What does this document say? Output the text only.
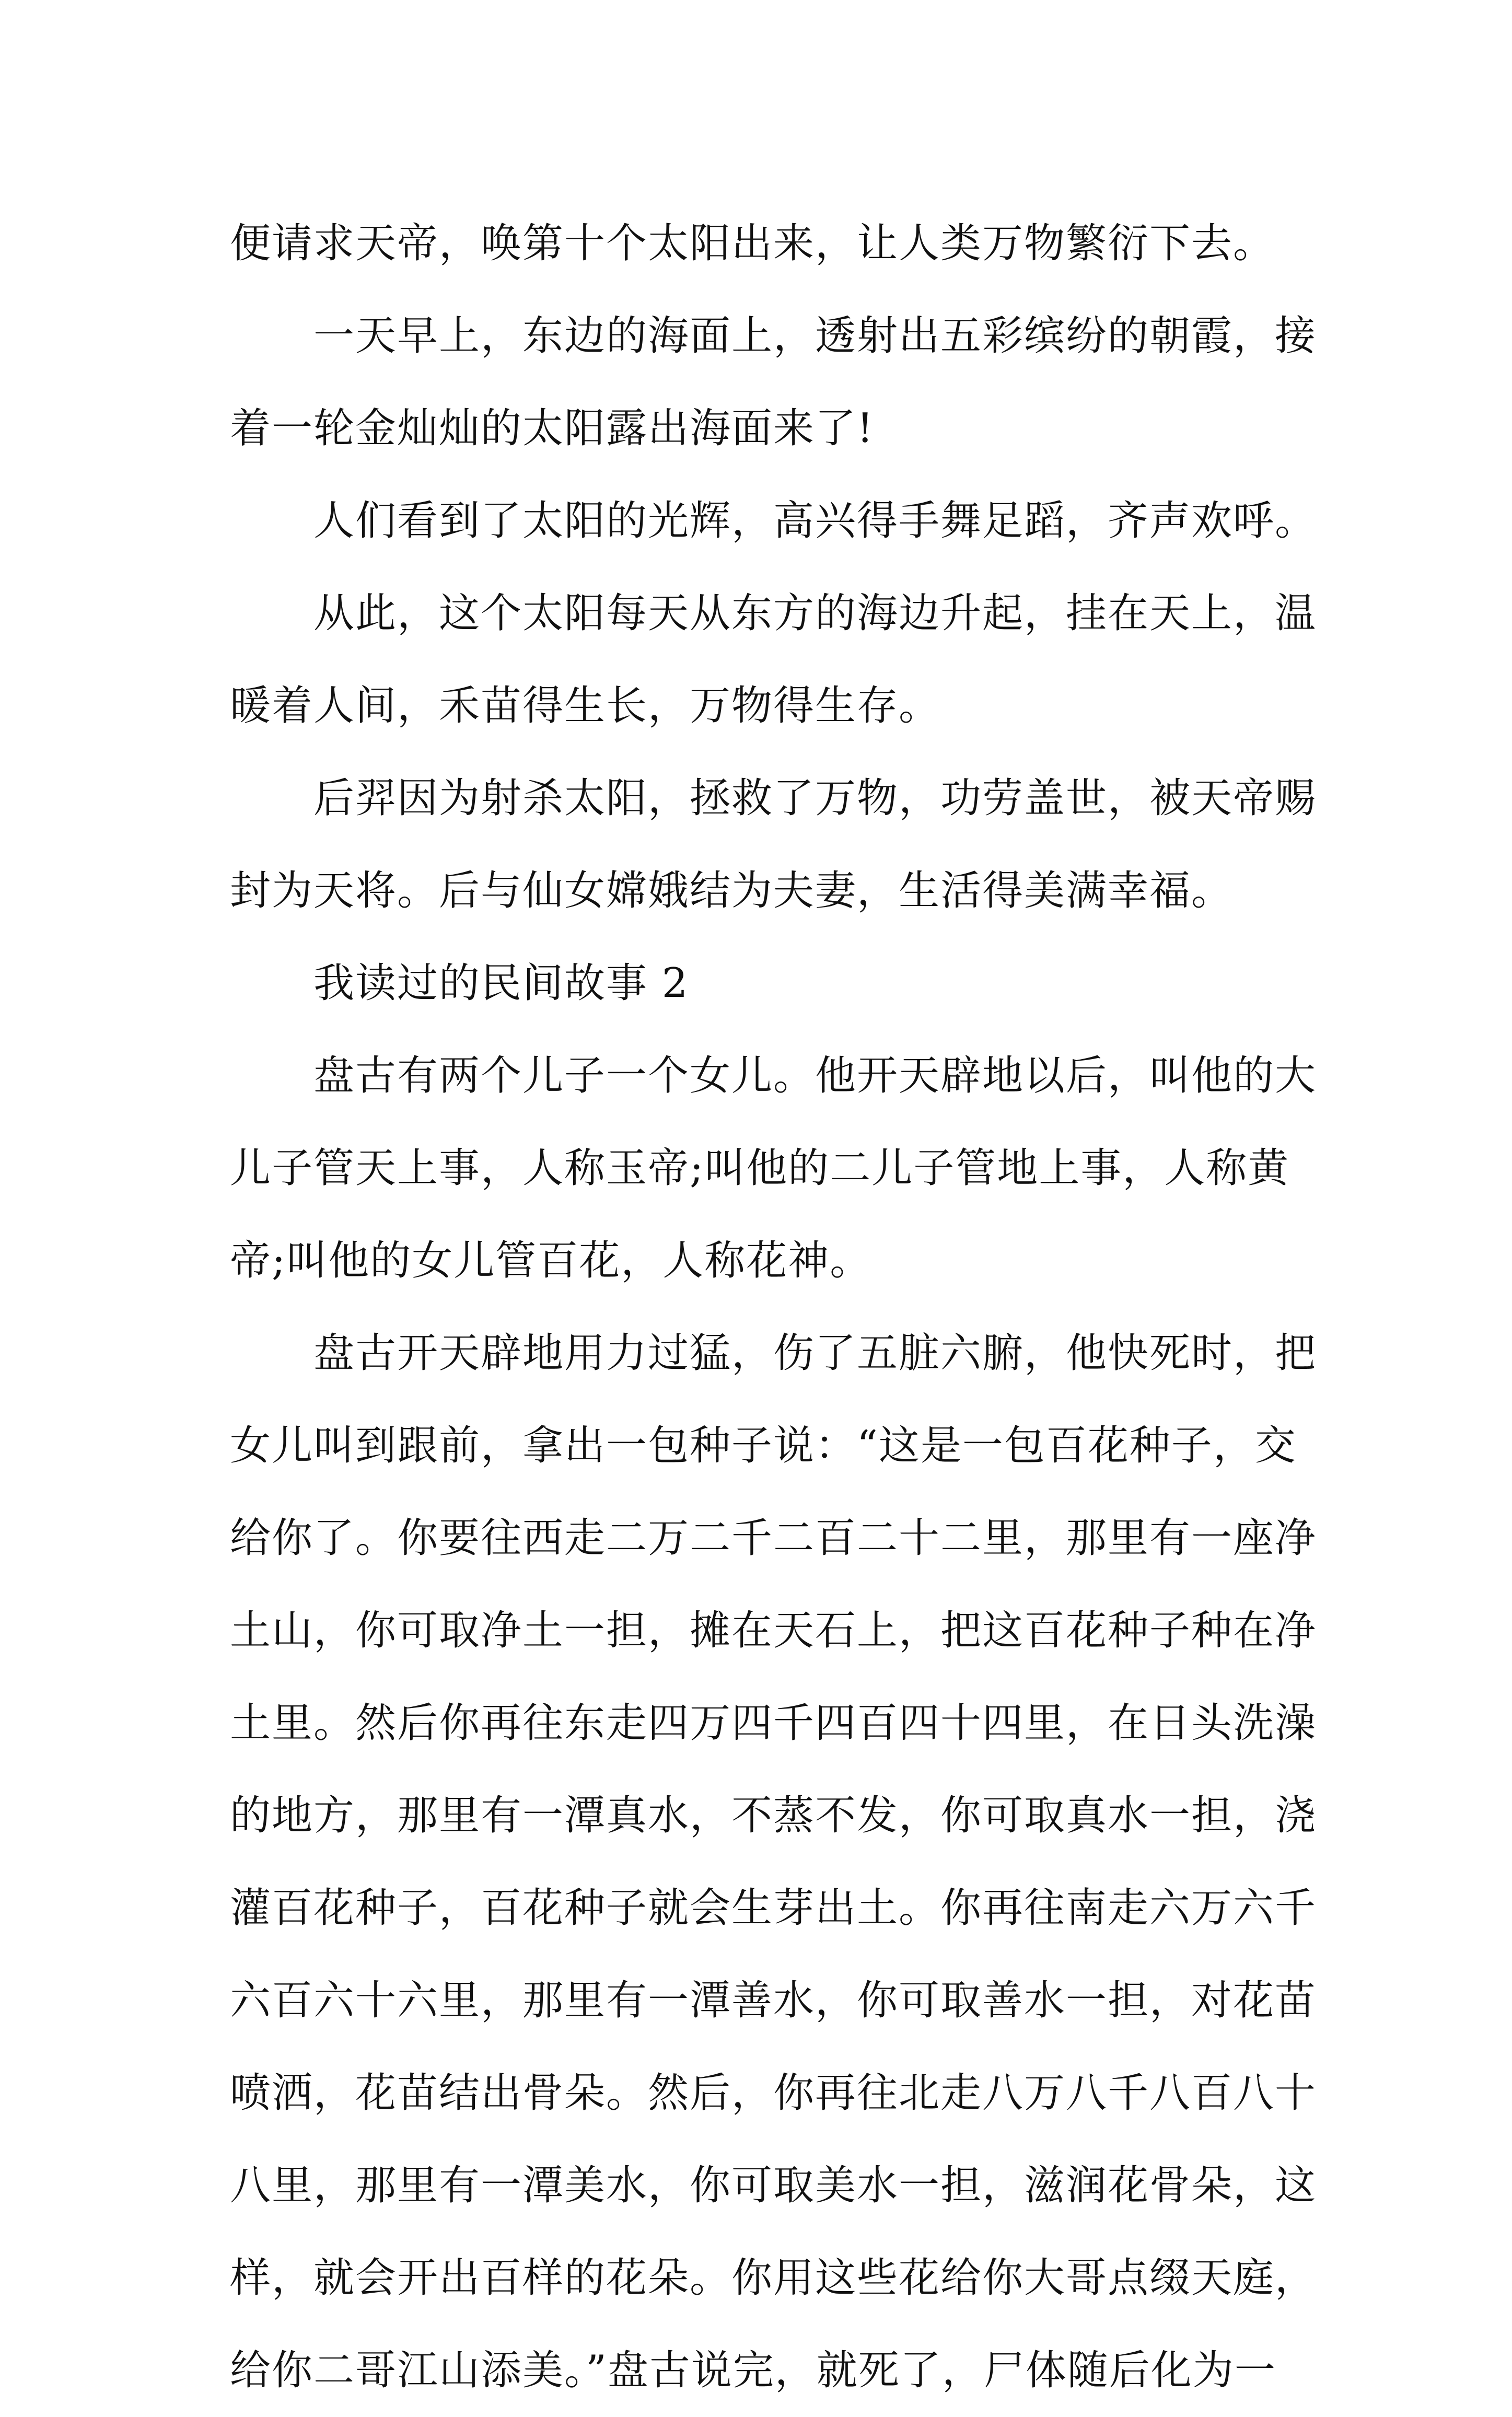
便请求天帝，唤第十个太阳出来，让人类万物繁衍下去。
一天早上，东边的海面上，透射出五彩缤纷的朝霞，接
着一轮金灿灿的太阳露出海面来了!
人们看到了太阳的光辉，高兴得手舞足蹈，齐声欢呼。
从此，这个太阳每天从东方的海边升起，挂在天上，温
暖着人间，禾苗得生长，万物得生存。
后羿因为射杀太阳，拯救了万物，功劳盖世，被天帝赐
封为天将。后与仙女嫦娥结为夫妻，生活得美满幸福。
我读过的民间故事 2
盘古有两个儿子一个女儿。他开天辟地以后，叫他的大
儿子管天上事，人称玉帝;叫他的二儿子管地上事，人称黄
帝;叫他的女儿管百花，人称花神。
盘古开天辟地用力过猛，伤了五脏六腑，他快死时，把
女儿叫到跟前，拿出一包种子说：“这是一包百花种子，交
给你了。你要往西走二万二千二百二十二里，那里有一座净
土山，你可取净土一担，摊在天石上，把这百花种子种在净
土里。然后你再往东走四万四千四百四十四里，在日头洗澡
的地方，那里有一潭真水，不蒸不发，你可取真水一担，浇
灌百花种子，百花种子就会生芽出土。你再往南走六万六千
六百六十六里，那里有一潭善水，你可取善水一担，对花苗
喷洒，花苗结出骨朵。然后，你再往北走八万八千八百八十
八里，那里有一潭美水，你可取美水一担，滋润花骨朵，这
样，就会开出百样的花朵。你用这些花给你大哥点缀天庭，
给你二哥江山添美。”盘古说完，就死了，尸体随后化为一
